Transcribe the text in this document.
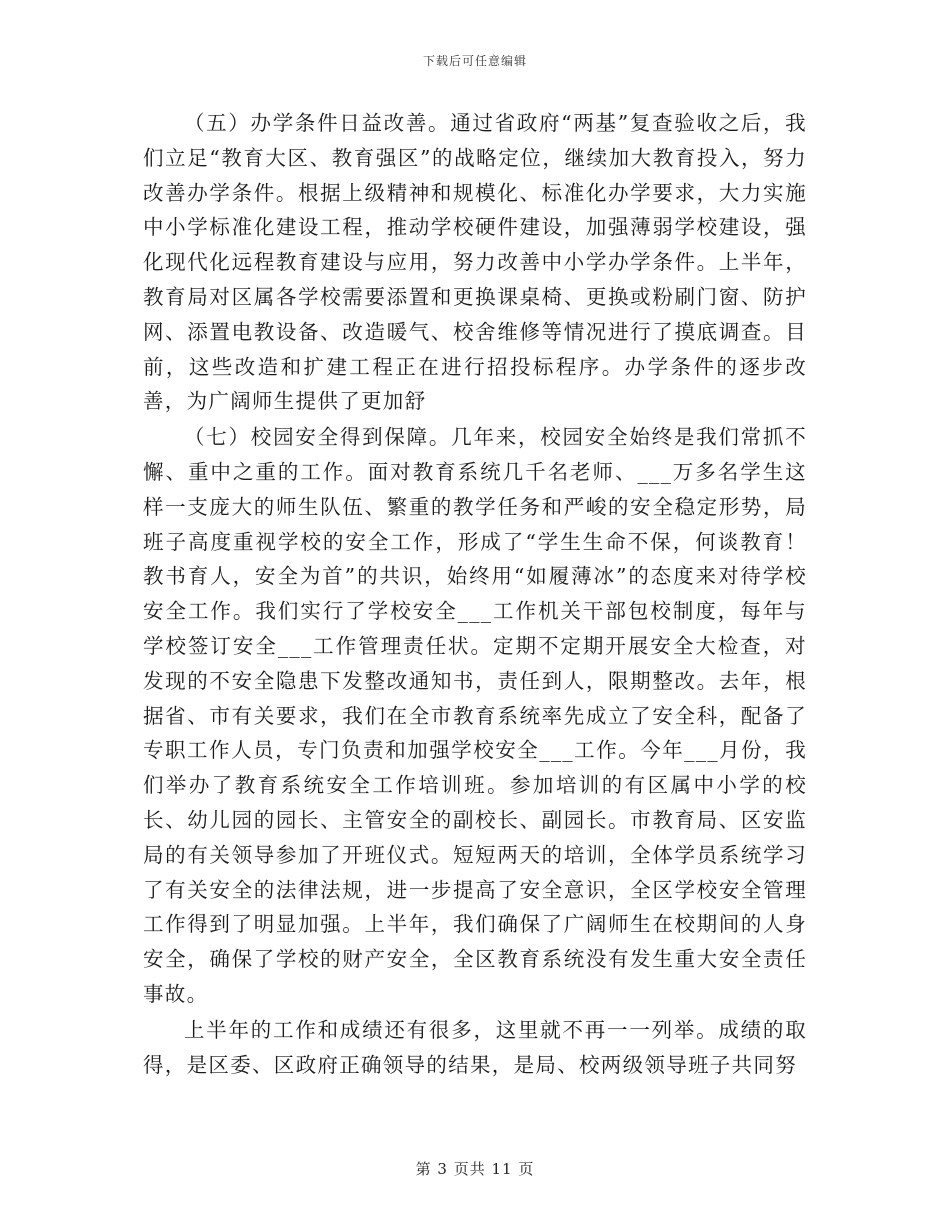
下载后可任意编辑

（五）办学条件日益改善。通过省政府“两基”复查验收之后，我们立足“教育大区、教育强区”的战略定位，继续加大教育投入，努力改善办学条件。根据上级精神和规模化、标准化办学要求，大力实施中小学标准化建设工程，推动学校硬件建设，加强薄弱学校建设，强化现代化远程教育建设与应用，努力改善中小学办学条件。上半年，教育局对区属各学校需要添置和更换课桌椅、更换或粉刷门窗、防护网、添置电教设备、改造暖气、校舍维修等情况进行了摸底调查。目前，这些改造和扩建工程正在进行招投标程序。办学条件的逐步改善，为广阔师生提供了更加舒

（七）校园安全得到保障。几年来，校园安全始终是我们常抓不懈、重中之重的工作。面对教育系统几千名老师、___万多名学生这样一支庞大的师生队伍、繁重的教学任务和严峻的安全稳定形势，局班子高度重视学校的安全工作，形成了“学生生命不保，何谈教育！教书育人，安全为首”的共识，始终用“如履薄冰”的态度来对待学校安全工作。我们实行了学校安全___工作机关干部包校制度，每年与学校签订安全___工作管理责任状。定期不定期开展安全大检查，对发现的不安全隐患下发整改通知书，责任到人，限期整改。去年，根据省、市有关要求，我们在全市教育系统率先成立了安全科，配备了专职工作人员，专门负责和加强学校安全___工作。今年___月份，我们举办了教育系统安全工作培训班。参加培训的有区属中小学的校长、幼儿园的园长、主管安全的副校长、副园长。市教育局、区安监局的有关领导参加了开班仪式。短短两天的培训，全体学员系统学习了有关安全的法律法规，进一步提高了安全意识，全区学校安全管理工作得到了明显加强。上半年，我们确保了广阔师生在校期间的人身安全，确保了学校的财产安全，全区教育系统没有发生重大安全责任事故。

上半年的工作和成绩还有很多，这里就不再一一列举。成绩的取得，是区委、区政府正确领导的结果，是局、校两级领导班子共同努

第 3 页共 11 页
